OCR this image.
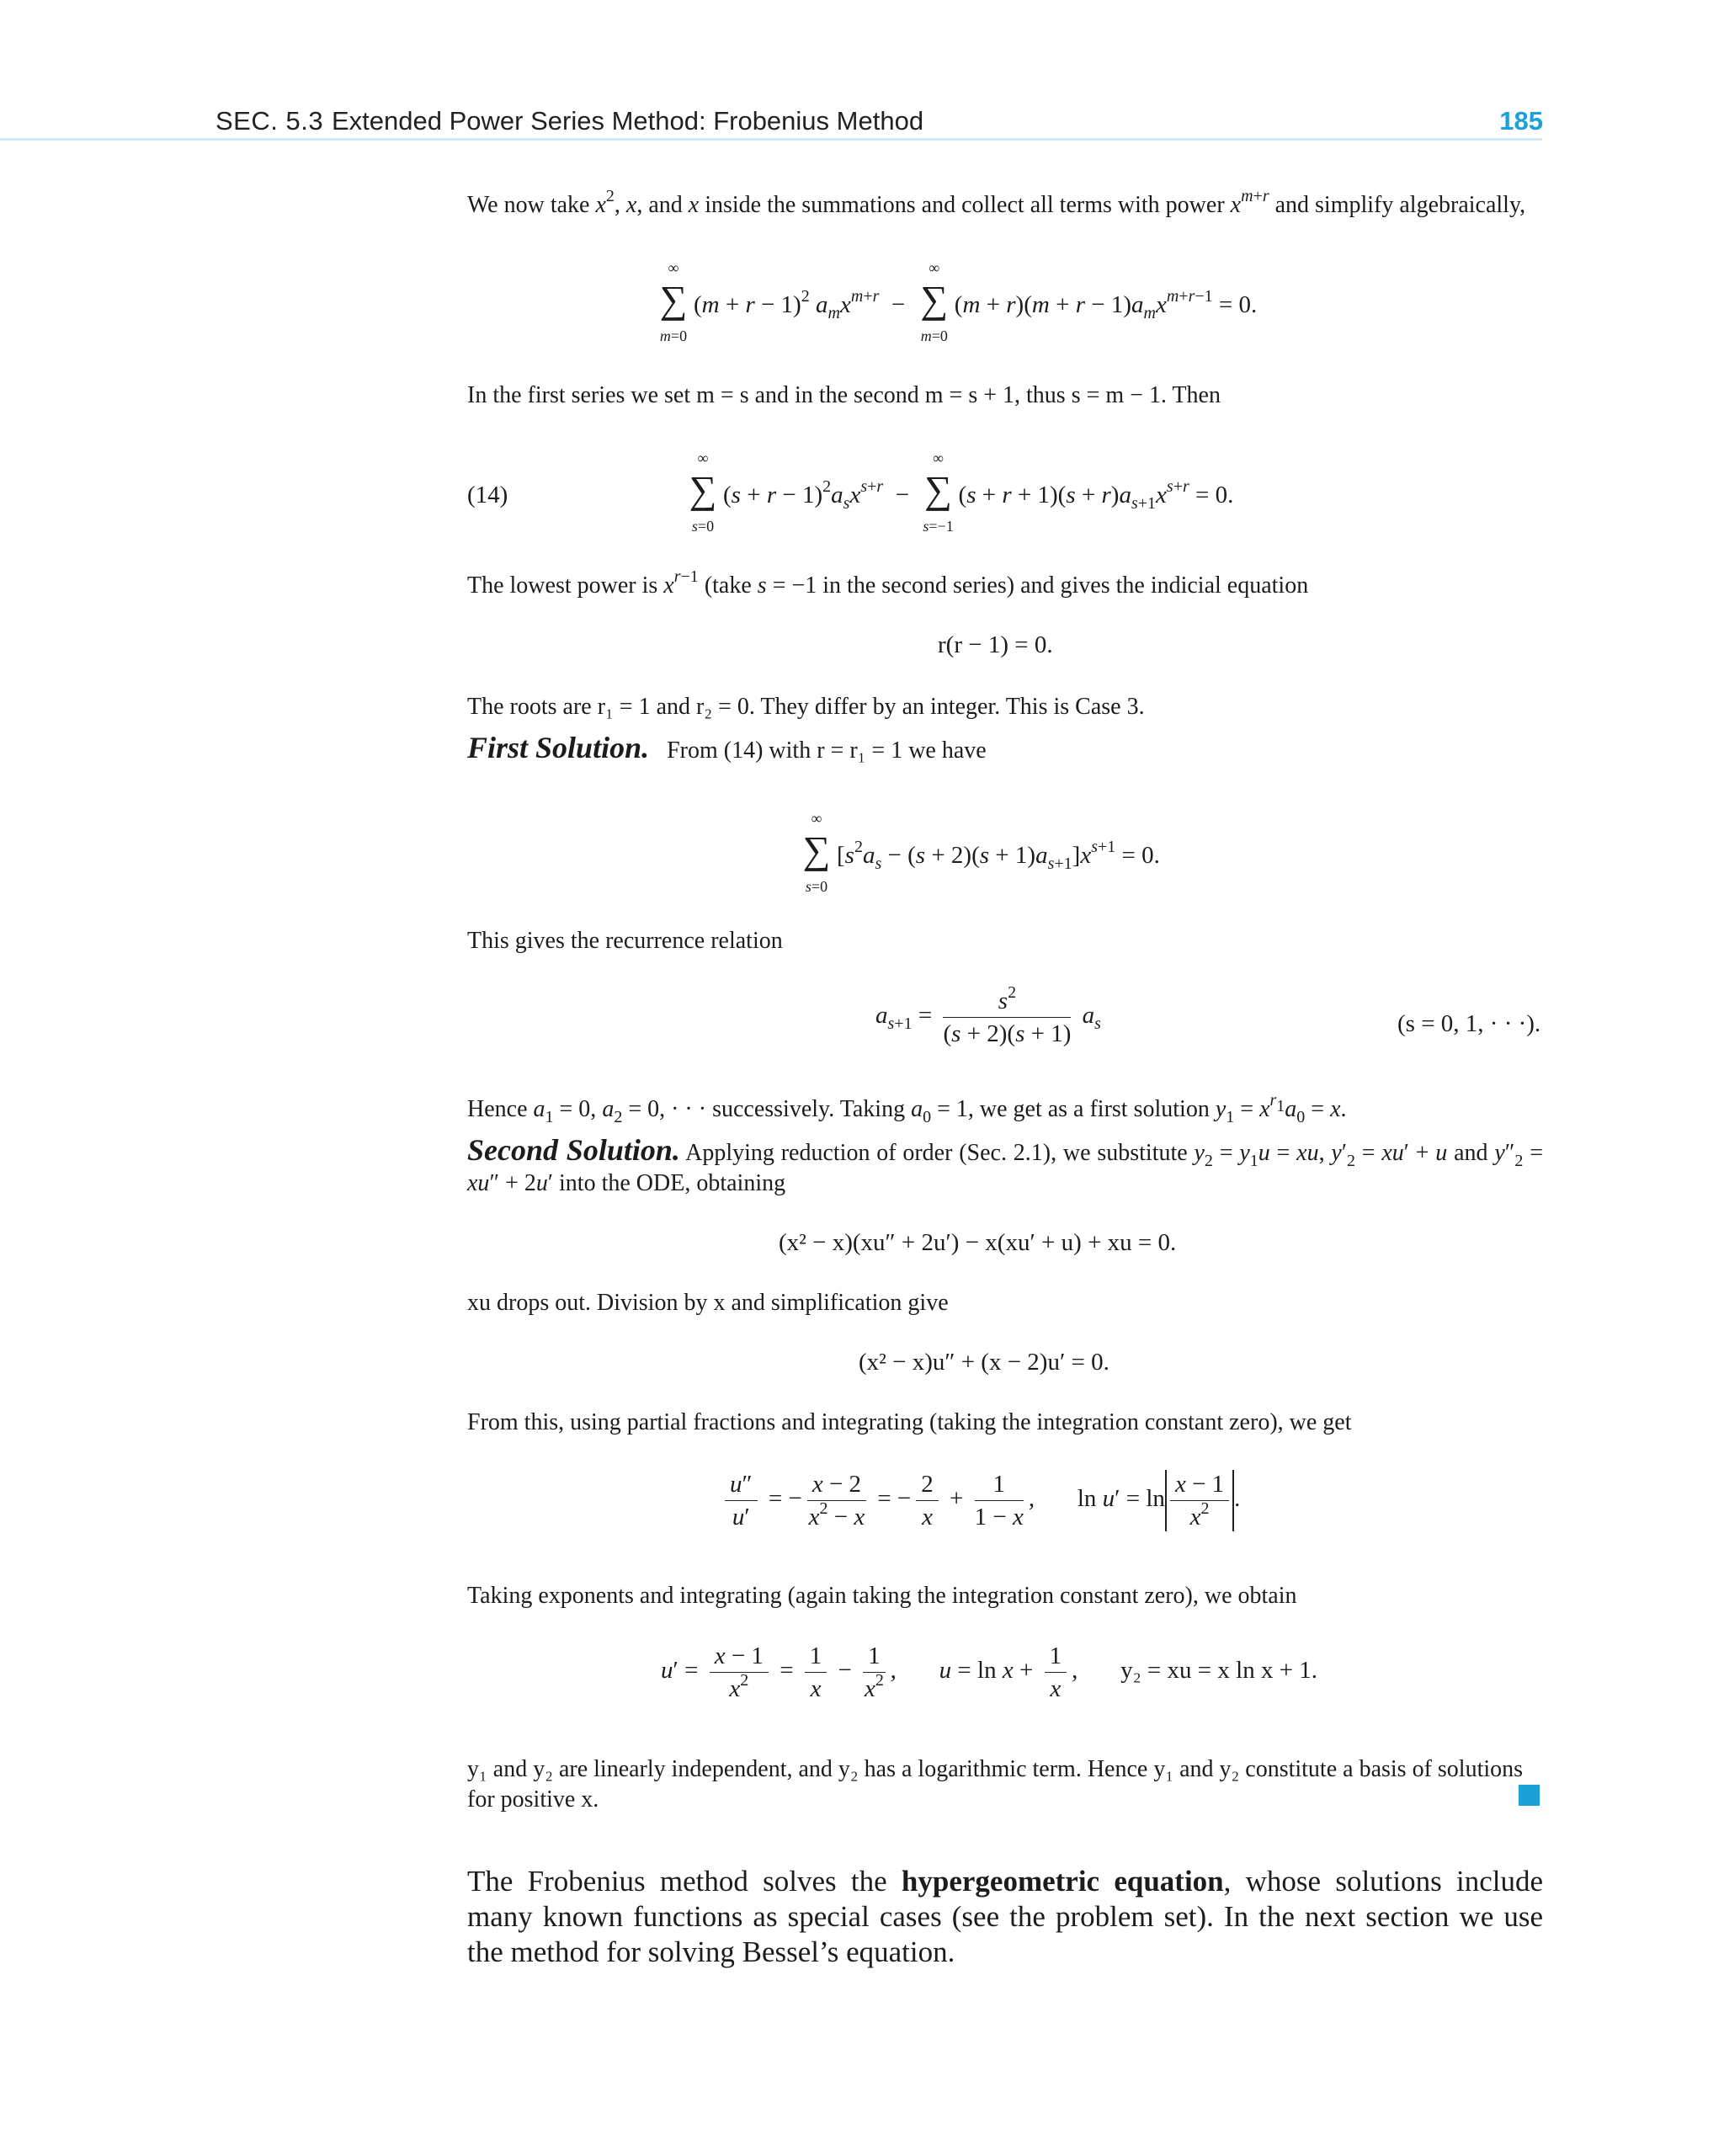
SEC. 5.3 Extended Power Series Method: Frobenius Method	185
We now take $x^2$, x, and x inside the summations and collect all terms with power $x^{m+r}$ and simplify algebraically,
∞
∑
m=0
$(m + r - 1)^2$ $a_mx^{m+r}$  −
∞
∑
m=0
$(m + r)(m + r - 1)a_mx^{m+r-1} = 0$.
In the first series we set m = s and in the second m = s + 1, thus s = m − 1. Then
(14)
∞
∑
s=0
$(s + r - 1)^2a_sx^{s+r}$  −
∞
∑
s=−1
$(s + r + 1)(s + r)a_{s+1}x^{s+r} = 0$.
The lowest power is $x^{r-1}$ (take s = −1 in the second series) and gives the indicial equation
r(r − 1) = 0.
The roots are r₁ = 1 and r₂ = 0. They differ by an integer. This is Case 3.
First Solution. From (14) with r = r₁ = 1 we have
∞
∑
s=0
$[s^2a_s - (s + 2)(s + 1)a_{s+1}]x^{s+1} = 0$.
This gives the recurrence relation
$a_{s+1} = \frac{s^2}{(s + 2)(s + 1)} a_s$	(s = 0, 1, · · ·).
Hence $a_1 = 0$, $a_2 = 0$, · · · successively. Taking $a_0 = 1$, we get as a first solution $y_1 = x^{r_1}a_0 = x$.
Second Solution. Applying reduction of order (Sec. 2.1), we substitute $y_2 = y_1u$ = xu, $y'_2 = xu' + u$ and $y''_2 = xu'' + 2u'$ into the ODE, obtaining
(x² − x)(xu″ + 2u′) − x(xu′ + u) + xu = 0.
xu drops out. Division by x and simplification give
(x² − x)u″ + (x − 2)u′ = 0.
From this, using partial fractions and integrating (taking the integration constant zero), we get
$\frac{u''}{u'}$ = − $\frac{x - 2}{x^2 - x}$ = − $\frac{2}{x} + \frac{1}{1 - x}$ ,       $\ln u' = \ln \frac{x - 1}{x^2}$ .
Taking exponents and integrating (again taking the integration constant zero), we obtain
$u' = \frac{x - 1}{x^2} = \frac{1}{x} - \frac{1}{x^2}$ ,       $u = \ln x + \frac{1}{x}$ ,       y₂ = xu = x ln x + 1.
y₁ and y₂ are linearly independent, and y₂ has a logarithmic term. Hence y₁ and y₂ constitute a basis of solutions for positive x.
The Frobenius method solves the hypergeometric equation, whose solutions include many known functions as special cases (see the problem set). In the next section we use the method for solving Bessel’s equation.
